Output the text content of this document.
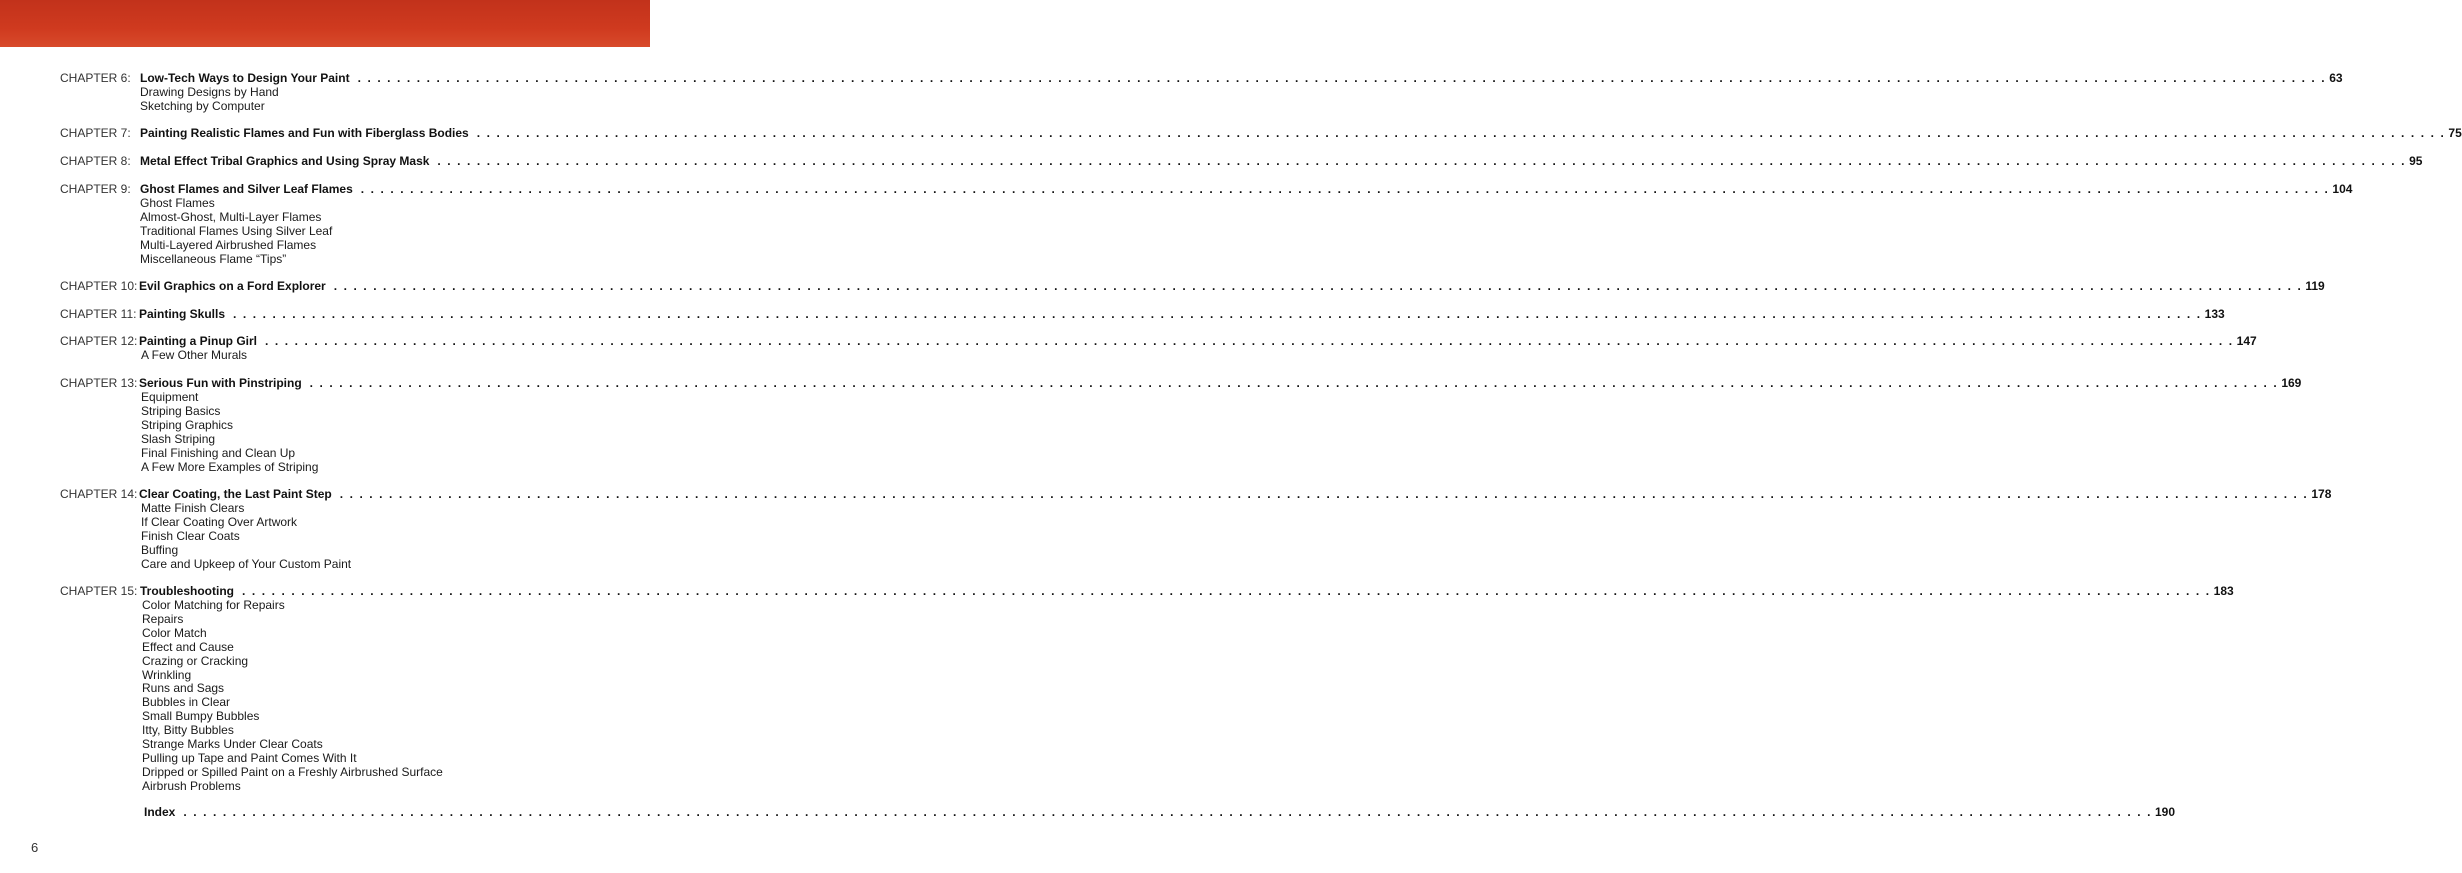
CHAPTER 6: Low-Tech Ways to Design Your Paint . . . . . . . . . . . . . . . . . . . . . . . . . . . . . . . . . . . . . . . . . . . . . . . . . . . . . . . . . . . . . . . . . . . . . . . . . . . . . . . . . . . . . . . . . . . . . . . . . . . . . . . . . . . . . . . . . . . . . . . . . . . . . . . . . . . . . . . . . . . . . . . . . . . . . . . . . . . . . . . . . . . . . . . . . . . . . . . . . . . . . . . . . . . . . . . . . . . . . . . . 63
Drawing Designs by Hand
Sketching by Computer
CHAPTER 7: Painting Realistic Flames and Fun with Fiberglass Bodies . . . . . . . . . . . . . . . . . . . . . . . . . . . . . . . . . . . . . . . . . . . . . . . . . . . . . . . . . . . . . . . . . . . . . . . . . . . . . . . . . . . . . . . . . . . . . . . . . . . . . . . . . . . . . . . . . . . . . . . . . . . . . . . . . . . . . . . . . . . . . . . . . . . . . . . . . . . . . . . . . . . . . . . . . . . . . . . . . . . . . . . . . . . . . . . . . . . . . . . . 75
CHAPTER 8: Metal Effect Tribal Graphics and Using Spray Mask . . . . . . . . . . . . . . . . . . . . . . . . . . . . . . . . . . . . . . . . . . . . . . . . . . . . . . . . . . . . . . . . . . . . . . . . . . . . . . . . . . . . . . . . . . . . . . . . . . . . . . . . . . . . . . . . . . . . . . . . . . . . . . . . . . . . . . . . . . . . . . . . . . . . . . . . . . . . . . . . . . . . . . . . . . . . . . . . . . . . . . . . . . . . . . . . . . . . . . . . 95
CHAPTER 9: Ghost Flames and Silver Leaf Flames . . . . . . . . . . . . . . . . . . . . . . . . . . . . . . . . . . . . . . . . . . . . . . . . . . . . . . . . . . . . . . . . . . . . . . . . . . . . . . . . . . . . . . . . . . . . . . . . . . . . . . . . . . . . . . . . . . . . . . . . . . . . . . . . . . . . . . . . . . . . . . . . . . . . . . . . . . . . . . . . . . . . . . . . . . . . . . . . . . . . . . . . . . . . . . . . . . . . . . . . 104
Ghost Flames
Almost-Ghost, Multi-Layer Flames
Traditional Flames Using Silver Leaf
Multi-Layered Airbrushed Flames
Miscellaneous Flame “Tips”
CHAPTER 10: Evil Graphics on a Ford Explorer . . . . . . . . . . . . . . . . . . . . . . . . . . . . . . . . . . . . . . . . . . . . . . . . . . . . . . . . . . . . . . . . . . . . . . . . . . . . . . . . . . . . . . . . . . . . . . . . . . . . . . . . . . . . . . . . . . . . . . . . . . . . . . . . . . . . . . . . . . . . . . . . . . . . . . . . . . . . . . . . . . . . . . . . . . . . . . . . . . . . . . . . . . . . . . . . . . . . . . . . 119
CHAPTER 11: Painting Skulls . . . . . . . . . . . . . . . . . . . . . . . . . . . . . . . . . . . . . . . . . . . . . . . . . . . . . . . . . . . . . . . . . . . . . . . . . . . . . . . . . . . . . . . . . . . . . . . . . . . . . . . . . . . . . . . . . . . . . . . . . . . . . . . . . . . . . . . . . . . . . . . . . . . . . . . . . . . . . . . . . . . . . . . . . . . . . . . . . . . . . . . . . . . . . . . . . . . . . . . . 133
CHAPTER 12: Painting a Pinup Girl . . . . . . . . . . . . . . . . . . . . . . . . . . . . . . . . . . . . . . . . . . . . . . . . . . . . . . . . . . . . . . . . . . . . . . . . . . . . . . . . . . . . . . . . . . . . . . . . . . . . . . . . . . . . . . . . . . . . . . . . . . . . . . . . . . . . . . . . . . . . . . . . . . . . . . . . . . . . . . . . . . . . . . . . . . . . . . . . . . . . . . . . . . . . . . . . . . . . . . . . 147
A Few Other Murals
CHAPTER 13: Serious Fun with Pinstriping . . . . . . . . . . . . . . . . . . . . . . . . . . . . . . . . . . . . . . . . . . . . . . . . . . . . . . . . . . . . . . . . . . . . . . . . . . . . . . . . . . . . . . . . . . . . . . . . . . . . . . . . . . . . . . . . . . . . . . . . . . . . . . . . . . . . . . . . . . . . . . . . . . . . . . . . . . . . . . . . . . . . . . . . . . . . . . . . . . . . . . . . . . . . . . . . . . . . . . . . 169
Equipment
Striping Basics
Striping Graphics
Slash Striping
Final Finishing and Clean Up
A Few More Examples of Striping
CHAPTER 14: Clear Coating, the Last Paint Step . . . . . . . . . . . . . . . . . . . . . . . . . . . . . . . . . . . . . . . . . . . . . . . . . . . . . . . . . . . . . . . . . . . . . . . . . . . . . . . . . . . . . . . . . . . . . . . . . . . . . . . . . . . . . . . . . . . . . . . . . . . . . . . . . . . . . . . . . . . . . . . . . . . . . . . . . . . . . . . . . . . . . . . . . . . . . . . . . . . . . . . . . . . . . . . . . . . . . . . . 178
Matte Finish Clears
If Clear Coating Over Artwork
Finish Clear Coats
Buffing
Care and Upkeep of Your Custom Paint
CHAPTER 15: Troubleshooting . . . . . . . . . . . . . . . . . . . . . . . . . . . . . . . . . . . . . . . . . . . . . . . . . . . . . . . . . . . . . . . . . . . . . . . . . . . . . . . . . . . . . . . . . . . . . . . . . . . . . . . . . . . . . . . . . . . . . . . . . . . . . . . . . . . . . . . . . . . . . . . . . . . . . . . . . . . . . . . . . . . . . . . . . . . . . . . . . . . . . . . . . . . . . . . . . . . . . . . . 183
Color Matching for Repairs
Repairs
Color Match
Effect and Cause
Crazing or Cracking
Wrinkling
Runs and Sags
Bubbles in Clear
Small Bumpy Bubbles
Itty, Bitty Bubbles
Strange Marks Under Clear Coats
Pulling up Tape and Paint Comes With It
Dripped or Spilled Paint on a Freshly Airbrushed Surface
Airbrush Problems
Index . . . . . . . . . . . . . . . . . . . . . . . . . . . . . . . . . . . . . . . . . . . . . . . . . . . . . . . . . . . . . . . . . . . . . . . . . . . . . . . . . . . . . . . . . . . . . . . . . . . . . . . . . . . . . . . . . . . . . . . . . . . . . . . . . . . . . . . . . . . . . . . . . . . . . . . . . . . . . . . . . . . . . . . . . . . . . . . . . . . . . . . . . . . . . . . . . . . . . . . . 190
6
